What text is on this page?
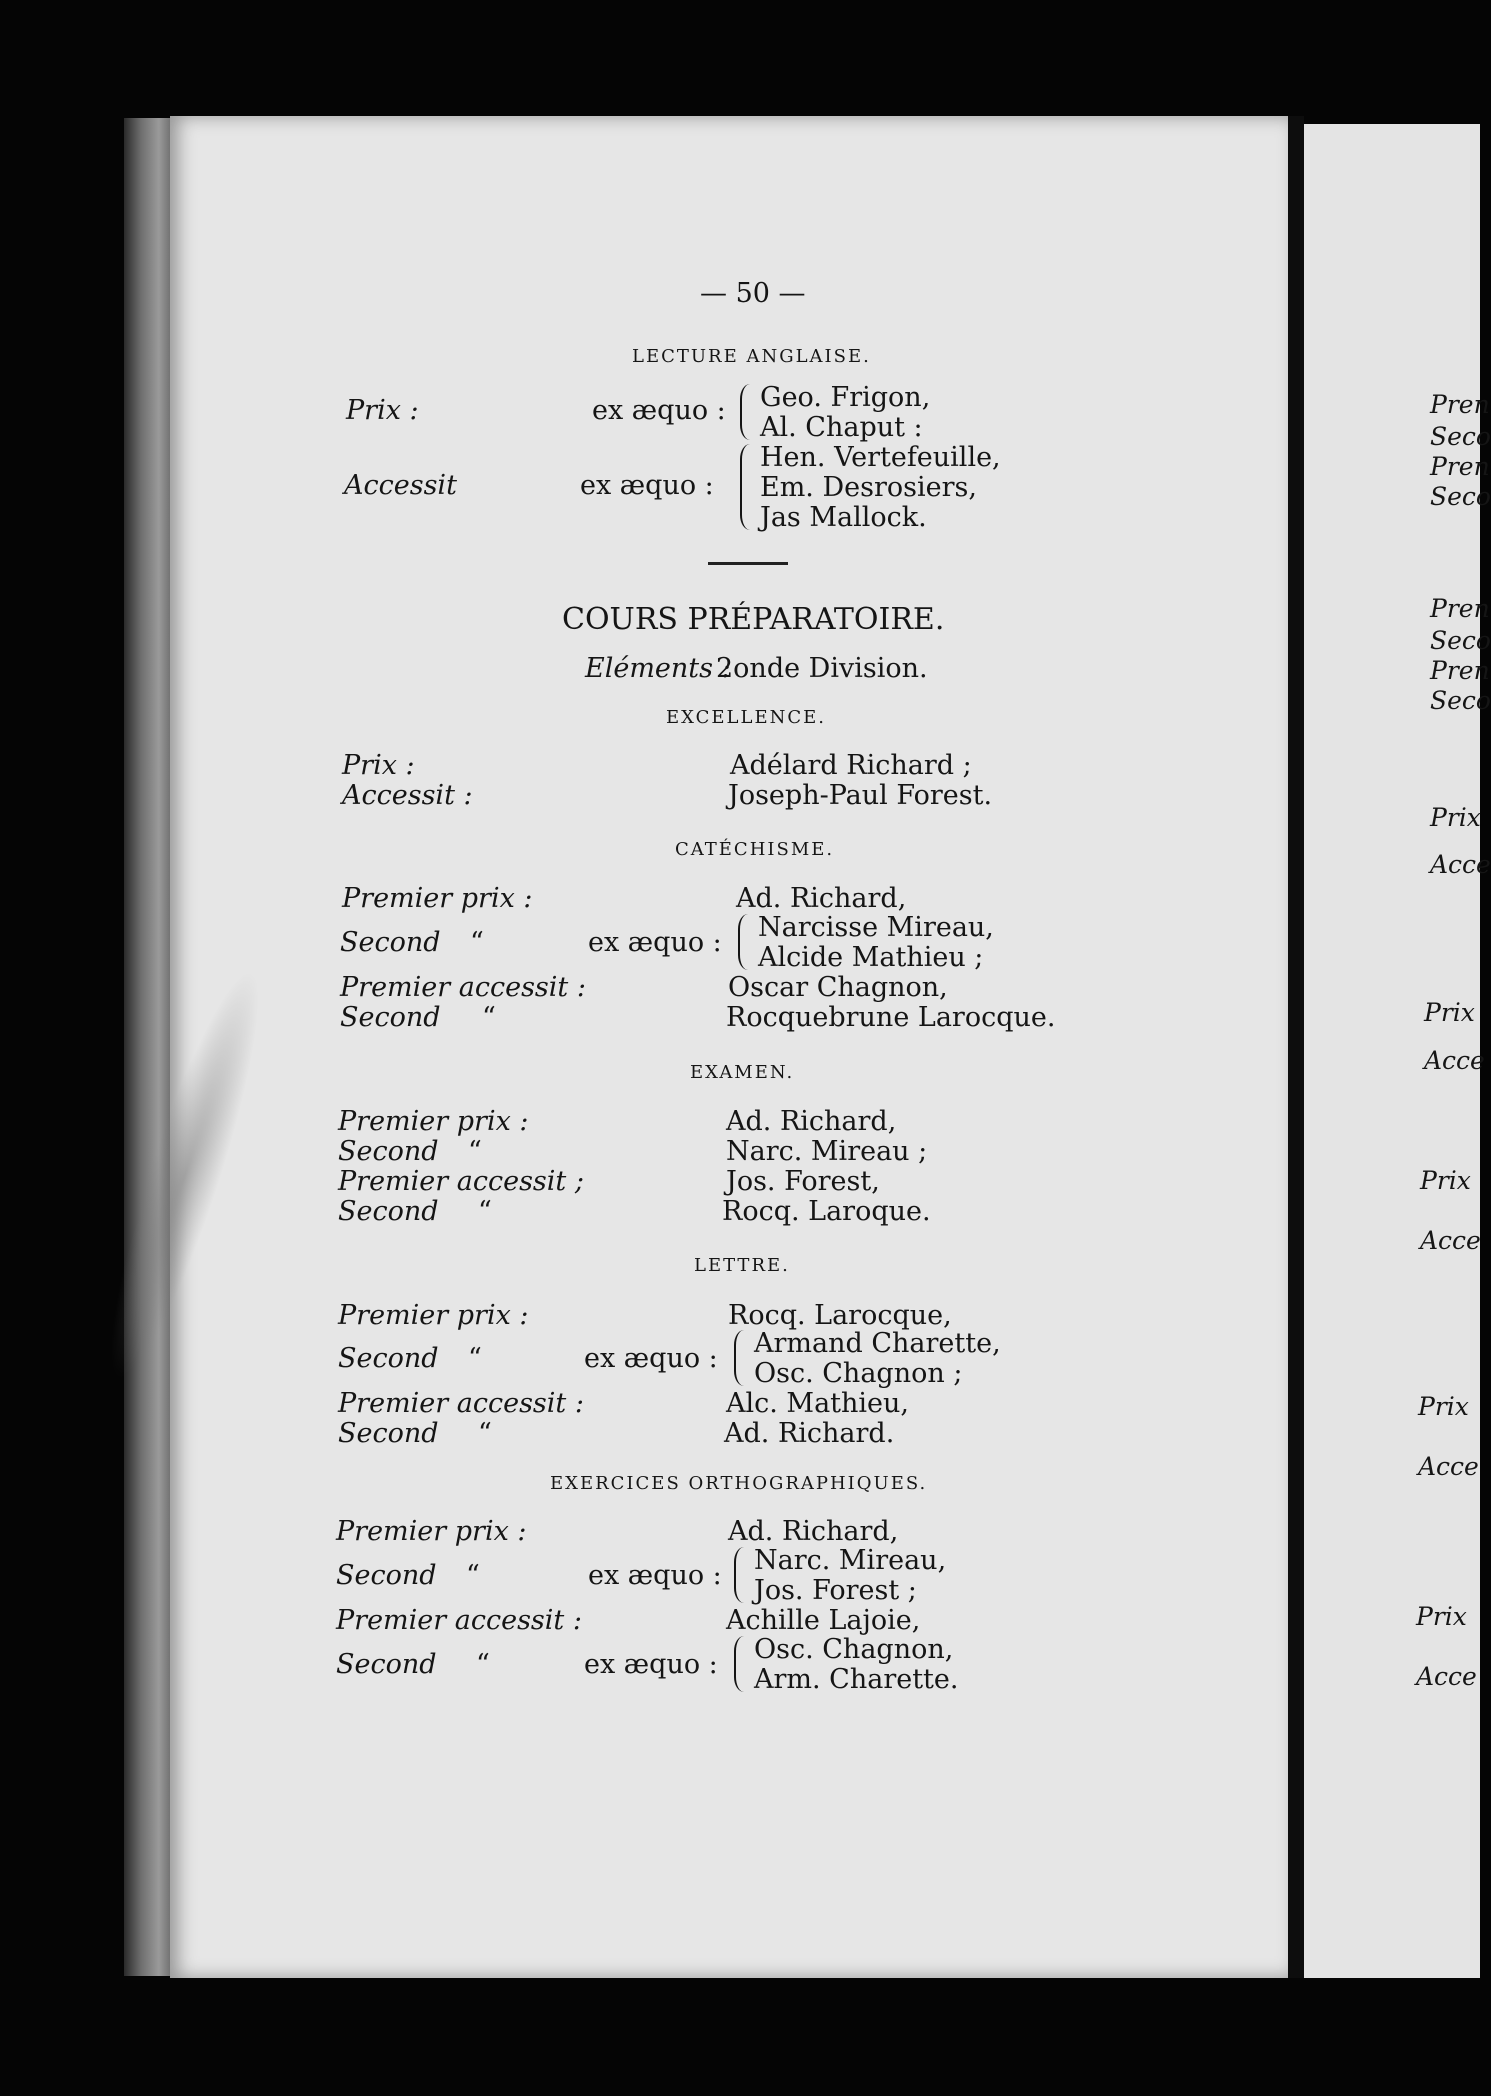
— 50 —
LECTURE ANGLAISE.
Prix :	ex æquo : Geo. Frigon,
Al. Chaput :
Accessit	ex æquo :
Hen. Vertefeuille,
Em. Desrosiers,
Jas Mallock.
COURS PRÉPARATOIRE.
Eléments :
2onde Division.
EXCELLENCE.
Prix :	Adélard Richard ;
Accessit :	Joseph-Paul Forest.
CATÉCHISME.
Premier prix :	Ad. Richard,
Second “	ex æquo : Narcisse Mireau,
Alcide Mathieu ;
Premier accessit :	Oscar Chagnon,
Second “	Rocquebrune Larocque.
EXAMEN.
Premier prix :	Ad. Richard,
Second “	Narc. Mireau ;
Premier accessit ;	Jos. Forest,
Second “	Rocq. Laroque.
LETTRE.
Premier prix :	Rocq. Larocque,
Second “	ex æquo : Armand Charette,
Osc. Chagnon ;
Premier accessit :	Alc. Mathieu,
Second “	Ad. Richard.
EXERCICES ORTHOGRAPHIQUES.
Premier prix :	Ad. Richard,
Second “	ex æquo : Narc. Mireau,
Jos. Forest ;
Premier accessit :	Achille Lajoie,
Second “	ex æquo : Osc. Chagnon,
Arm. Charette.
Pren
Seco
Pren
Seco
Pren
Seco
Pren
Seco
Prix
Acce
Prix
Acce
Prix
Acce
Prix
Acce
Prix
Acce
